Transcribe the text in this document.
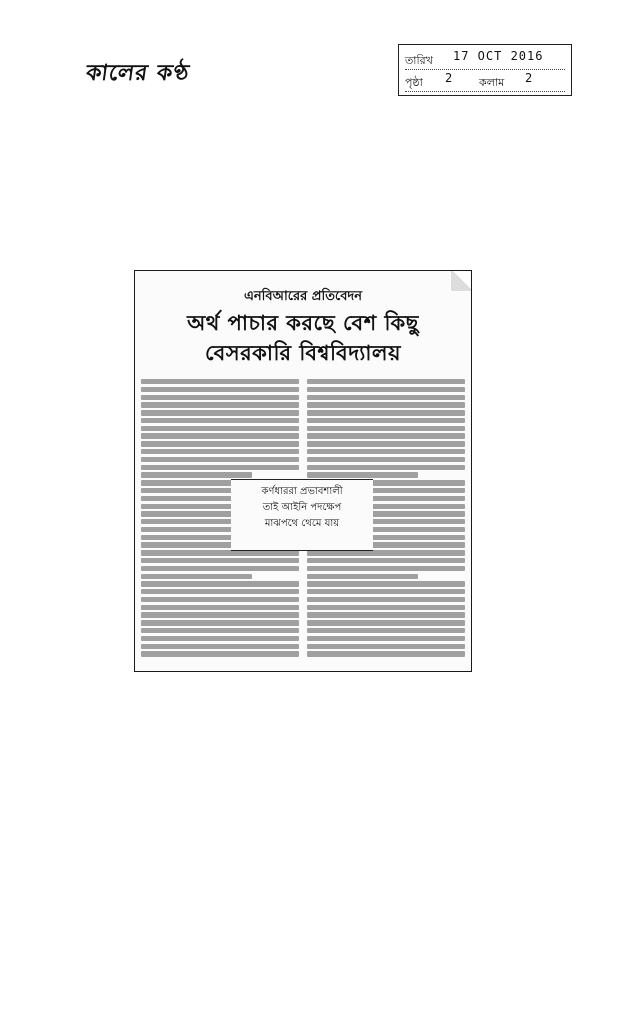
কালের কণ্ঠ	তারিখ 17 OCT 2016
পৃষ্ঠা 2 কলাম 2
এনবিআরের প্রতিবেদন
অর্থ পাচার করছে বেশ কিছু
বেসরকারি বিশ্ববিদ্যালয়
কর্ণধাররা প্রভাবশালী
তাই আইনি পদক্ষেপ
মাঝপথে থেমে যায়
